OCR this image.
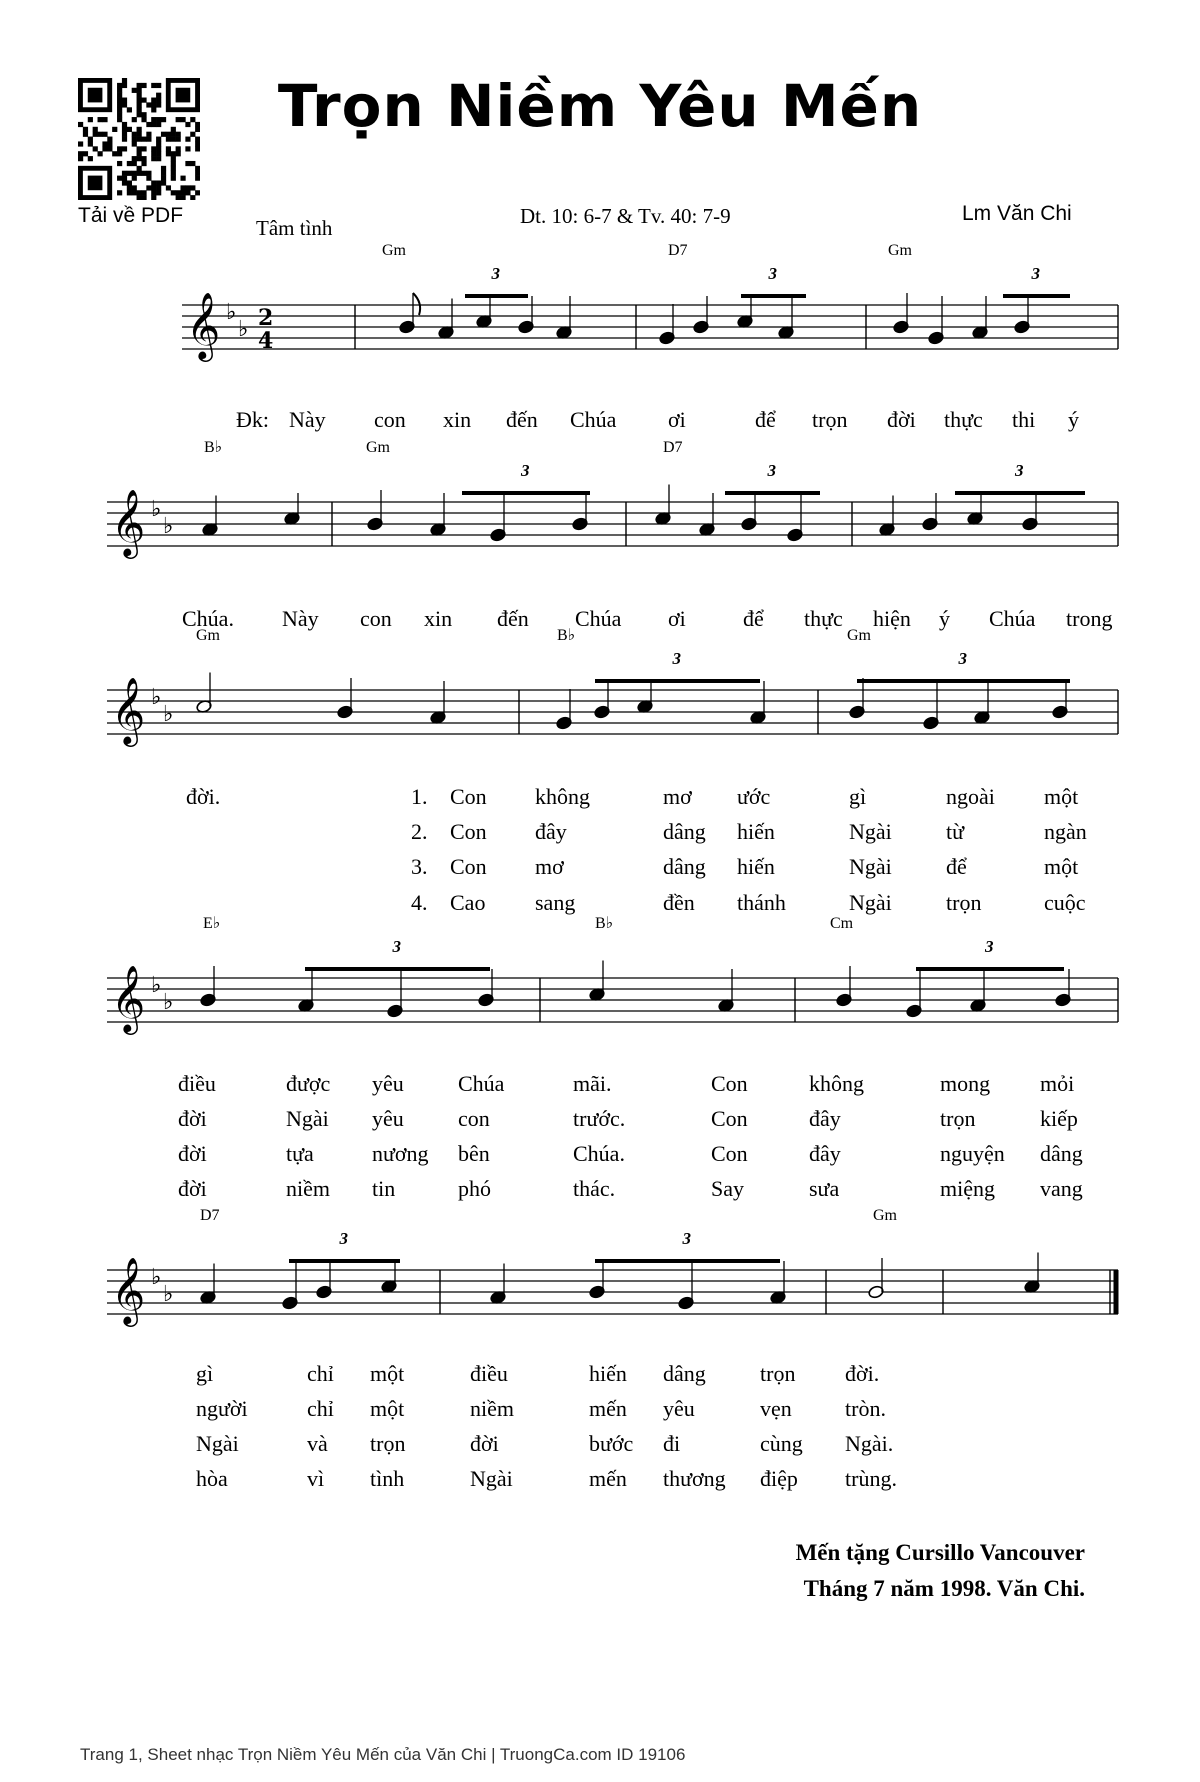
Tải về PDF
Trọn Niềm Yêu Mến
Tâm tình	Dt. 10: 6-7 & Tv. 40: 7-9	Lm Văn Chi
𝄞 ♭
♭ 2
4
Gm	D7	Gm
3	3	3
𝄞 ♭
♭
B♭	Gm	D7
3	3	3
𝄞 ♭
♭
Gm	B♭	Gm
3	3
𝄞 ♭
♭
E♭	B♭	Cm
3	3
𝄞 ♭
♭
D7	Gm
3	3
Đk: Này con xin đến Chúa ơi	để trọn đời thực thi ý
Chúa. Này con xin đến Chúa ơi	để thực hiện ý Chúa trong
đời.	1. Con không	mơ ước	gì	ngoài một
2. Con đây	dâng hiến	Ngài từ	ngàn
3. Con mơ	dâng hiến	Ngài để	một
4. Cao sang	đền thánh	Ngài trọn	cuộc
điều	được yêu Chúa	mãi.	Con	không	mong mỏi
đời	Ngài yêu con	trước.	Con	đây	trọn	kiếp
đời	tựa	nương bên	Chúa.	Con	đây	nguyện dâng
đời	niềm tin	phó	thác.	Say	sưa	miệng vang
gì	chỉ một	điều	hiến dâng trọn đời.
người	chỉ một	niềm	mến yêu	vẹn tròn.
Ngài	và trọn	đời	bước đi	cùng Ngài.
hòa	vì tình	Ngài	mến thương điệp trùng.
Mến tặng Cursillo Vancouver
Tháng 7 năm 1998. Văn Chi.
Trang 1, Sheet nhạc Trọn Niềm Yêu Mến của Văn Chi | TruongCa.com ID 19106
